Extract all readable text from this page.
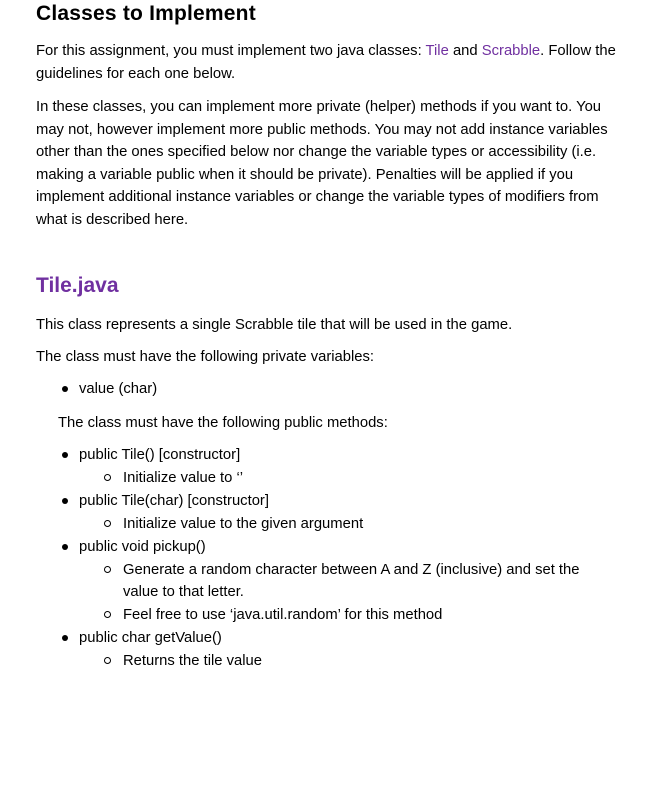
Classes to Implement
For this assignment, you must implement two java classes: Tile and Scrabble. Follow the guidelines for each one below.
In these classes, you can implement more private (helper) methods if you want to. You may not, however implement more public methods. You may not add instance variables other than the ones specified below nor change the variable types or accessibility (i.e. making a variable public when it should be private). Penalties will be applied if you implement additional instance variables or change the variable types of modifiers from what is described here.
Tile.java
This class represents a single Scrabble tile that will be used in the game.
The class must have the following private variables:
value (char)
The class must have the following public methods:
public Tile() [constructor]
Initialize value to ‘’
public Tile(char) [constructor]
Initialize value to the given argument
public void pickup()
Generate a random character between A and Z (inclusive) and set the
value to that letter.
Feel free to use ‘java.util.random’ for this method
public char getValue()
Returns the tile value
